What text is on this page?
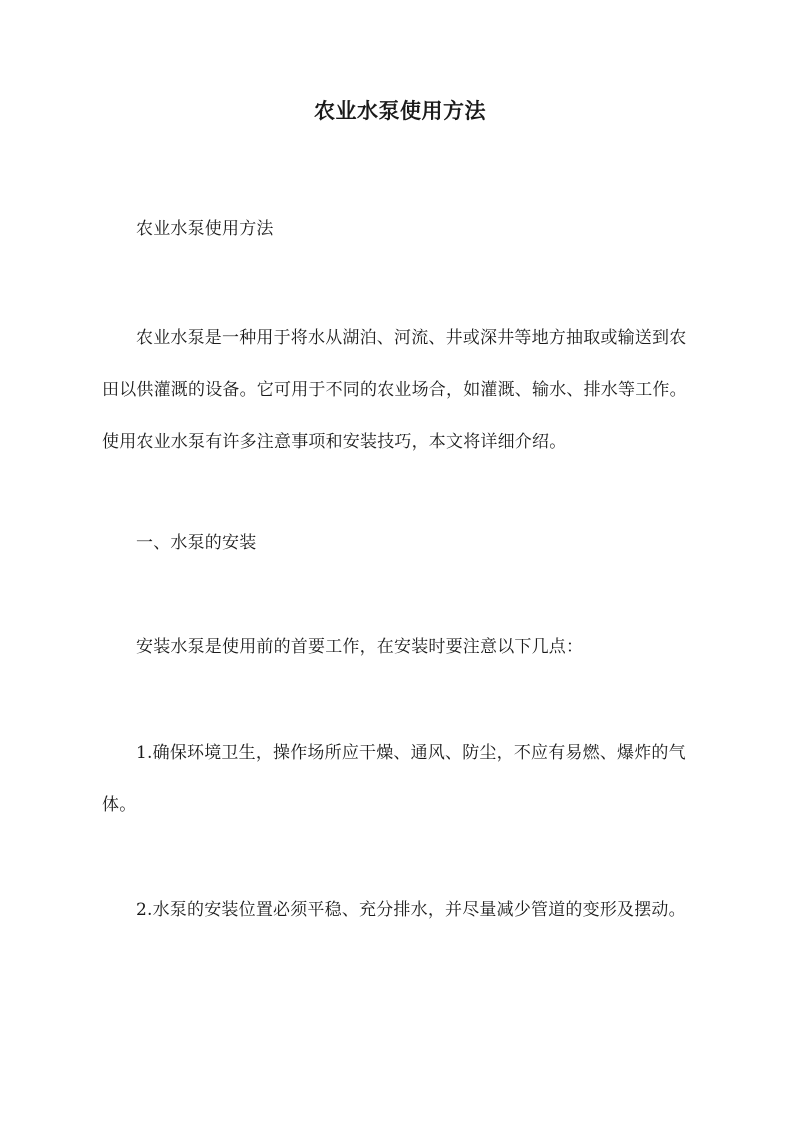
农业水泵使用方法
农业水泵使用方法
农业水泵是一种用于将水从湖泊、河流、井或深井等地方抽取或输送到农田以供灌溉的设备。它可用于不同的农业场合，如灌溉、输水、排水等工作。使用农业水泵有许多注意事项和安装技巧，本文将详细介绍。
一、水泵的安装
安装水泵是使用前的首要工作，在安装时要注意以下几点：
1.确保环境卫生，操作场所应干燥、通风、防尘，不应有易燃、爆炸的气体。
2.水泵的安装位置必须平稳、充分排水，并尽量减少管道的变形及摆动。
